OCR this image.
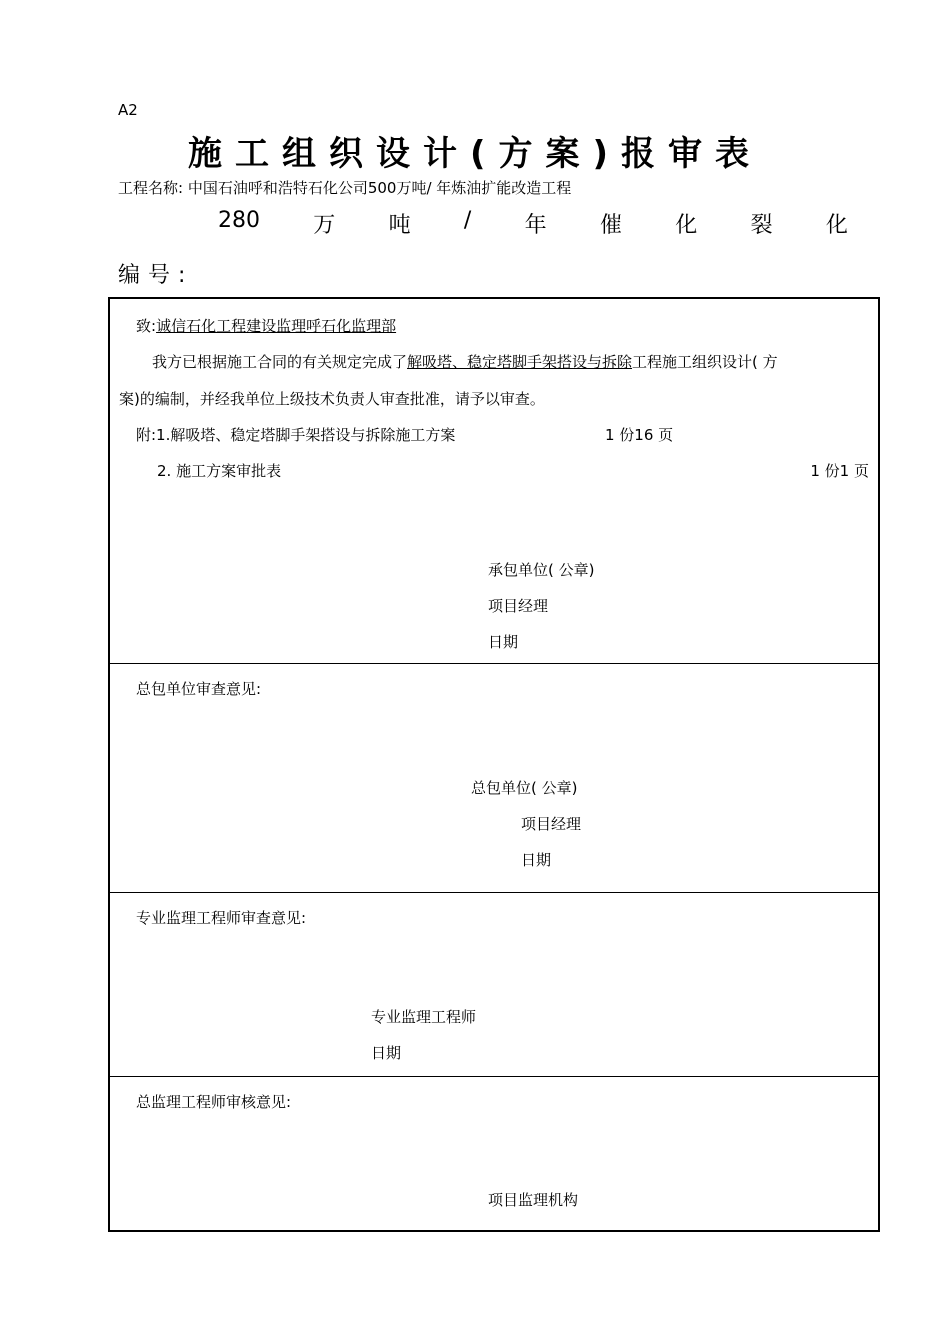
A2
施工组织设计(方案)报审表
工程名称: 中国石油呼和浩特石化公司500万吨/ 年炼油扩能改造工程
280 万 吨 / 年 催 化 裂 化
编号:
致:诚信石化工程建设监理呼石化监理部
我方已根据施工合同的有关规定完成了解吸塔、稳定塔脚手架搭设与拆除工程施工组织设计( 方
案)的编制，并经我单位上级技术负责人审查批准，请予以审查。
附:1.解吸塔、稳定塔脚手架搭设与拆除施工方案	1 份16 页
2. 施工方案审批表	1 份1 页
承包单位( 公章)
项目经理
日期
总包单位审查意见:
总包单位( 公章)
项目经理
日期
专业监理工程师审查意见:
专业监理工程师
日期
总监理工程师审核意见:
项目监理机构
